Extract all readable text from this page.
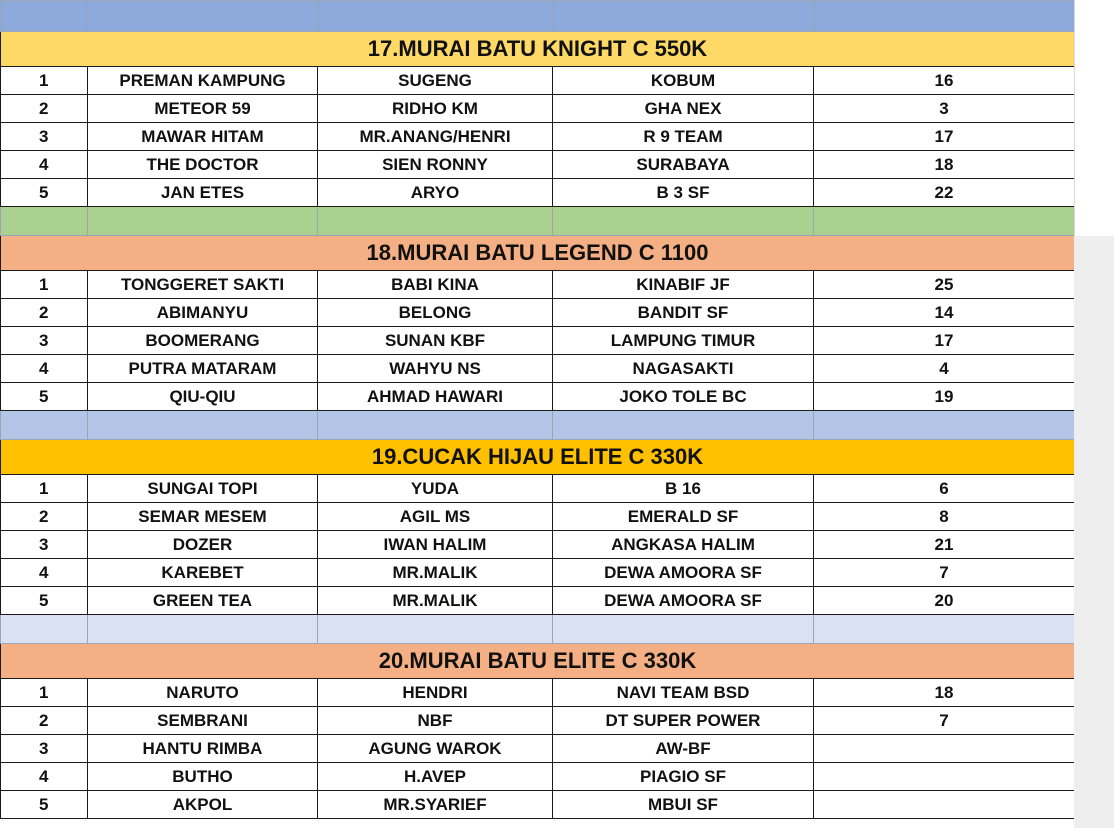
17.MURAI BATU KNIGHT C 550K				
1	PREMAN KAMPUNG	SUGENG	KOBUM	16
2	METEOR 59	RIDHO KM	GHA NEX	3
3	MAWAR HITAM	MR.ANANG/HENRI	R 9 TEAM	17
4	THE DOCTOR	SIEN RONNY	SURABAYA	18
5	JAN ETES	ARYO	B 3 SF	22

18.MURAI BATU LEGEND C 1100				
1	TONGGERET SAKTI	BABI KINA	KINABIF JF	25
2	ABIMANYU	BELONG	BANDIT SF	14
3	BOOMERANG	SUNAN KBF	LAMPUNG TIMUR	17
4	PUTRA MATARAM	WAHYU NS	NAGASAKTI	4
5	QIU-QIU	AHMAD HAWARI	JOKO TOLE BC	19

19.CUCAK HIJAU ELITE C 330K				
1	SUNGAI TOPI	YUDA	B 16	6
2	SEMAR MESEM	AGIL MS	EMERALD SF	8
3	DOZER	IWAN HALIM	ANGKASA HALIM	21
4	KAREBET	MR.MALIK	DEWA AMOORA SF	7
5	GREEN TEA	MR.MALIK	DEWA AMOORA SF	20

20.MURAI BATU ELITE C 330K				
1	NARUTO	HENDRI	NAVI TEAM BSD	18
2	SEMBRANI	NBF	DT SUPER POWER	7
3	HANTU RIMBA	AGUNG WAROK	AW-BF	
4	BUTHO	H.AVEP	PIAGIO SF	
5	AKPOL	MR.SYARIEF	MBUI SF	
